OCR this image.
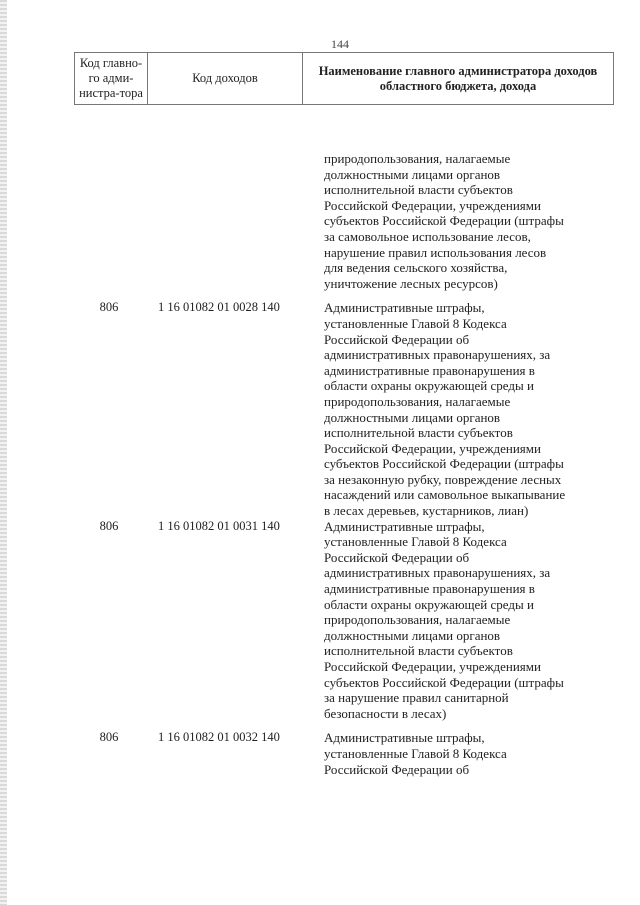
144
Код главно-го адми-нистра-тора	Код доходов	Наименование главного администратора доходов областного бюджета, дохода
природопользования, налагаемые
должностными лицами органов
исполнительной власти субъектов
Российской Федерации, учреждениями
субъектов Российской Федерации (штрафы
за самовольное использование лесов,
нарушение правил использования лесов
для ведения сельского хозяйства,
уничтожение лесных ресурсов)
806	1 16 01082 01 0028 140	Административные штрафы,
установленные Главой 8 Кодекса
Российской Федерации об
административных правонарушениях, за
административные правонарушения в
области охраны окружающей среды и
природопользования, налагаемые
должностными лицами органов
исполнительной власти субъектов
Российской Федерации, учреждениями
субъектов Российской Федерации (штрафы
за незаконную рубку, повреждение лесных
насаждений или самовольное выкапывание
в лесах деревьев, кустарников, лиан)
806	1 16 01082 01 0031 140	Административные штрафы,
установленные Главой 8 Кодекса
Российской Федерации об
административных правонарушениях, за
административные правонарушения в
области охраны окружающей среды и
природопользования, налагаемые
должностными лицами органов
исполнительной власти субъектов
Российской Федерации, учреждениями
субъектов Российской Федерации (штрафы
за нарушение правил санитарной
безопасности в лесах)
806	1 16 01082 01 0032 140	Административные штрафы,
установленные Главой 8 Кодекса
Российской Федерации об
